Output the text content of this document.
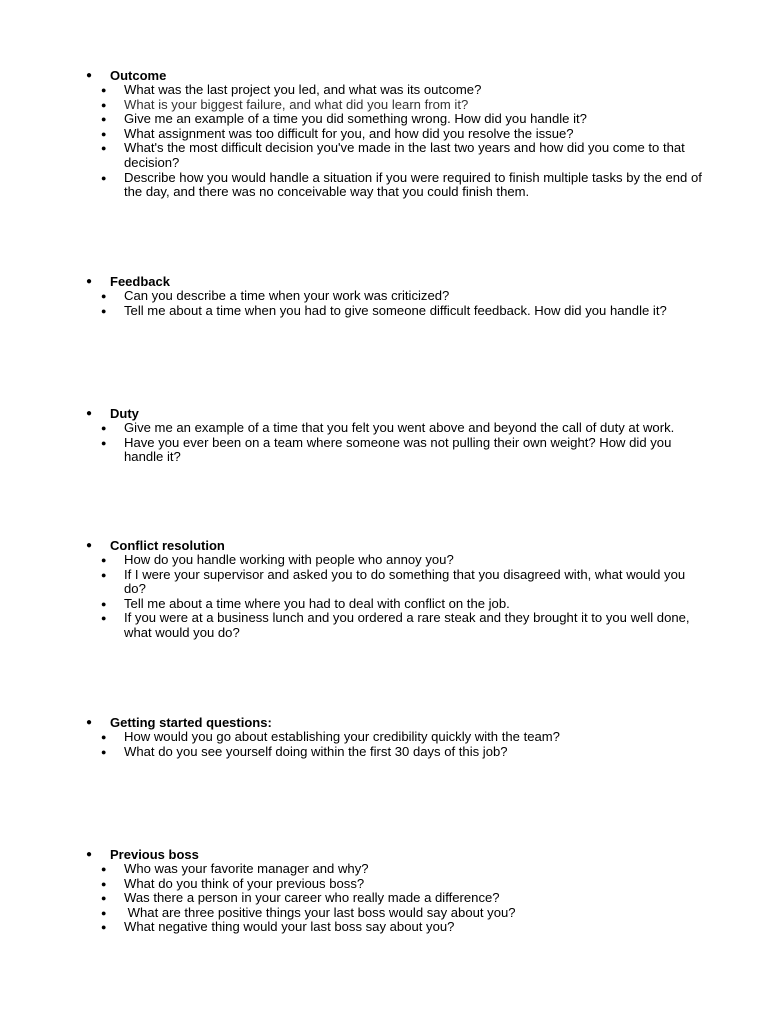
● Outcome
● What was the last project you led, and what was its outcome?
● What is your biggest failure, and what did you learn from it?
● Give me an example of a time you did something wrong. How did you handle it?
● What assignment was too difficult for you, and how did you resolve the issue?
● What's the most difficult decision you've made in the last two years and how did you come to that decision?
● Describe how you would handle a situation if you were required to finish multiple tasks by the end of the day, and there was no conceivable way that you could finish them.
● Feedback
● Can you describe a time when your work was criticized?
● Tell me about a time when you had to give someone difficult feedback. How did you handle it?
● Duty
● Give me an example of a time that you felt you went above and beyond the call of duty at work.
● Have you ever been on a team where someone was not pulling their own weight? How did you handle it?
● Conflict resolution
● How do you handle working with people who annoy you?
● If I were your supervisor and asked you to do something that you disagreed with, what would you do?
● Tell me about a time where you had to deal with conflict on the job.
● If you were at a business lunch and you ordered a rare steak and they brought it to you well done, what would you do?
● Getting started questions:
● How would you go about establishing your credibility quickly with the team?
● What do you see yourself doing within the first 30 days of this job?
● Previous boss
● Who was your favorite manager and why?
● What do you think of your previous boss?
● Was there a person in your career who really made a difference?
● What are three positive things your last boss would say about you?
● What negative thing would your last boss say about you?
